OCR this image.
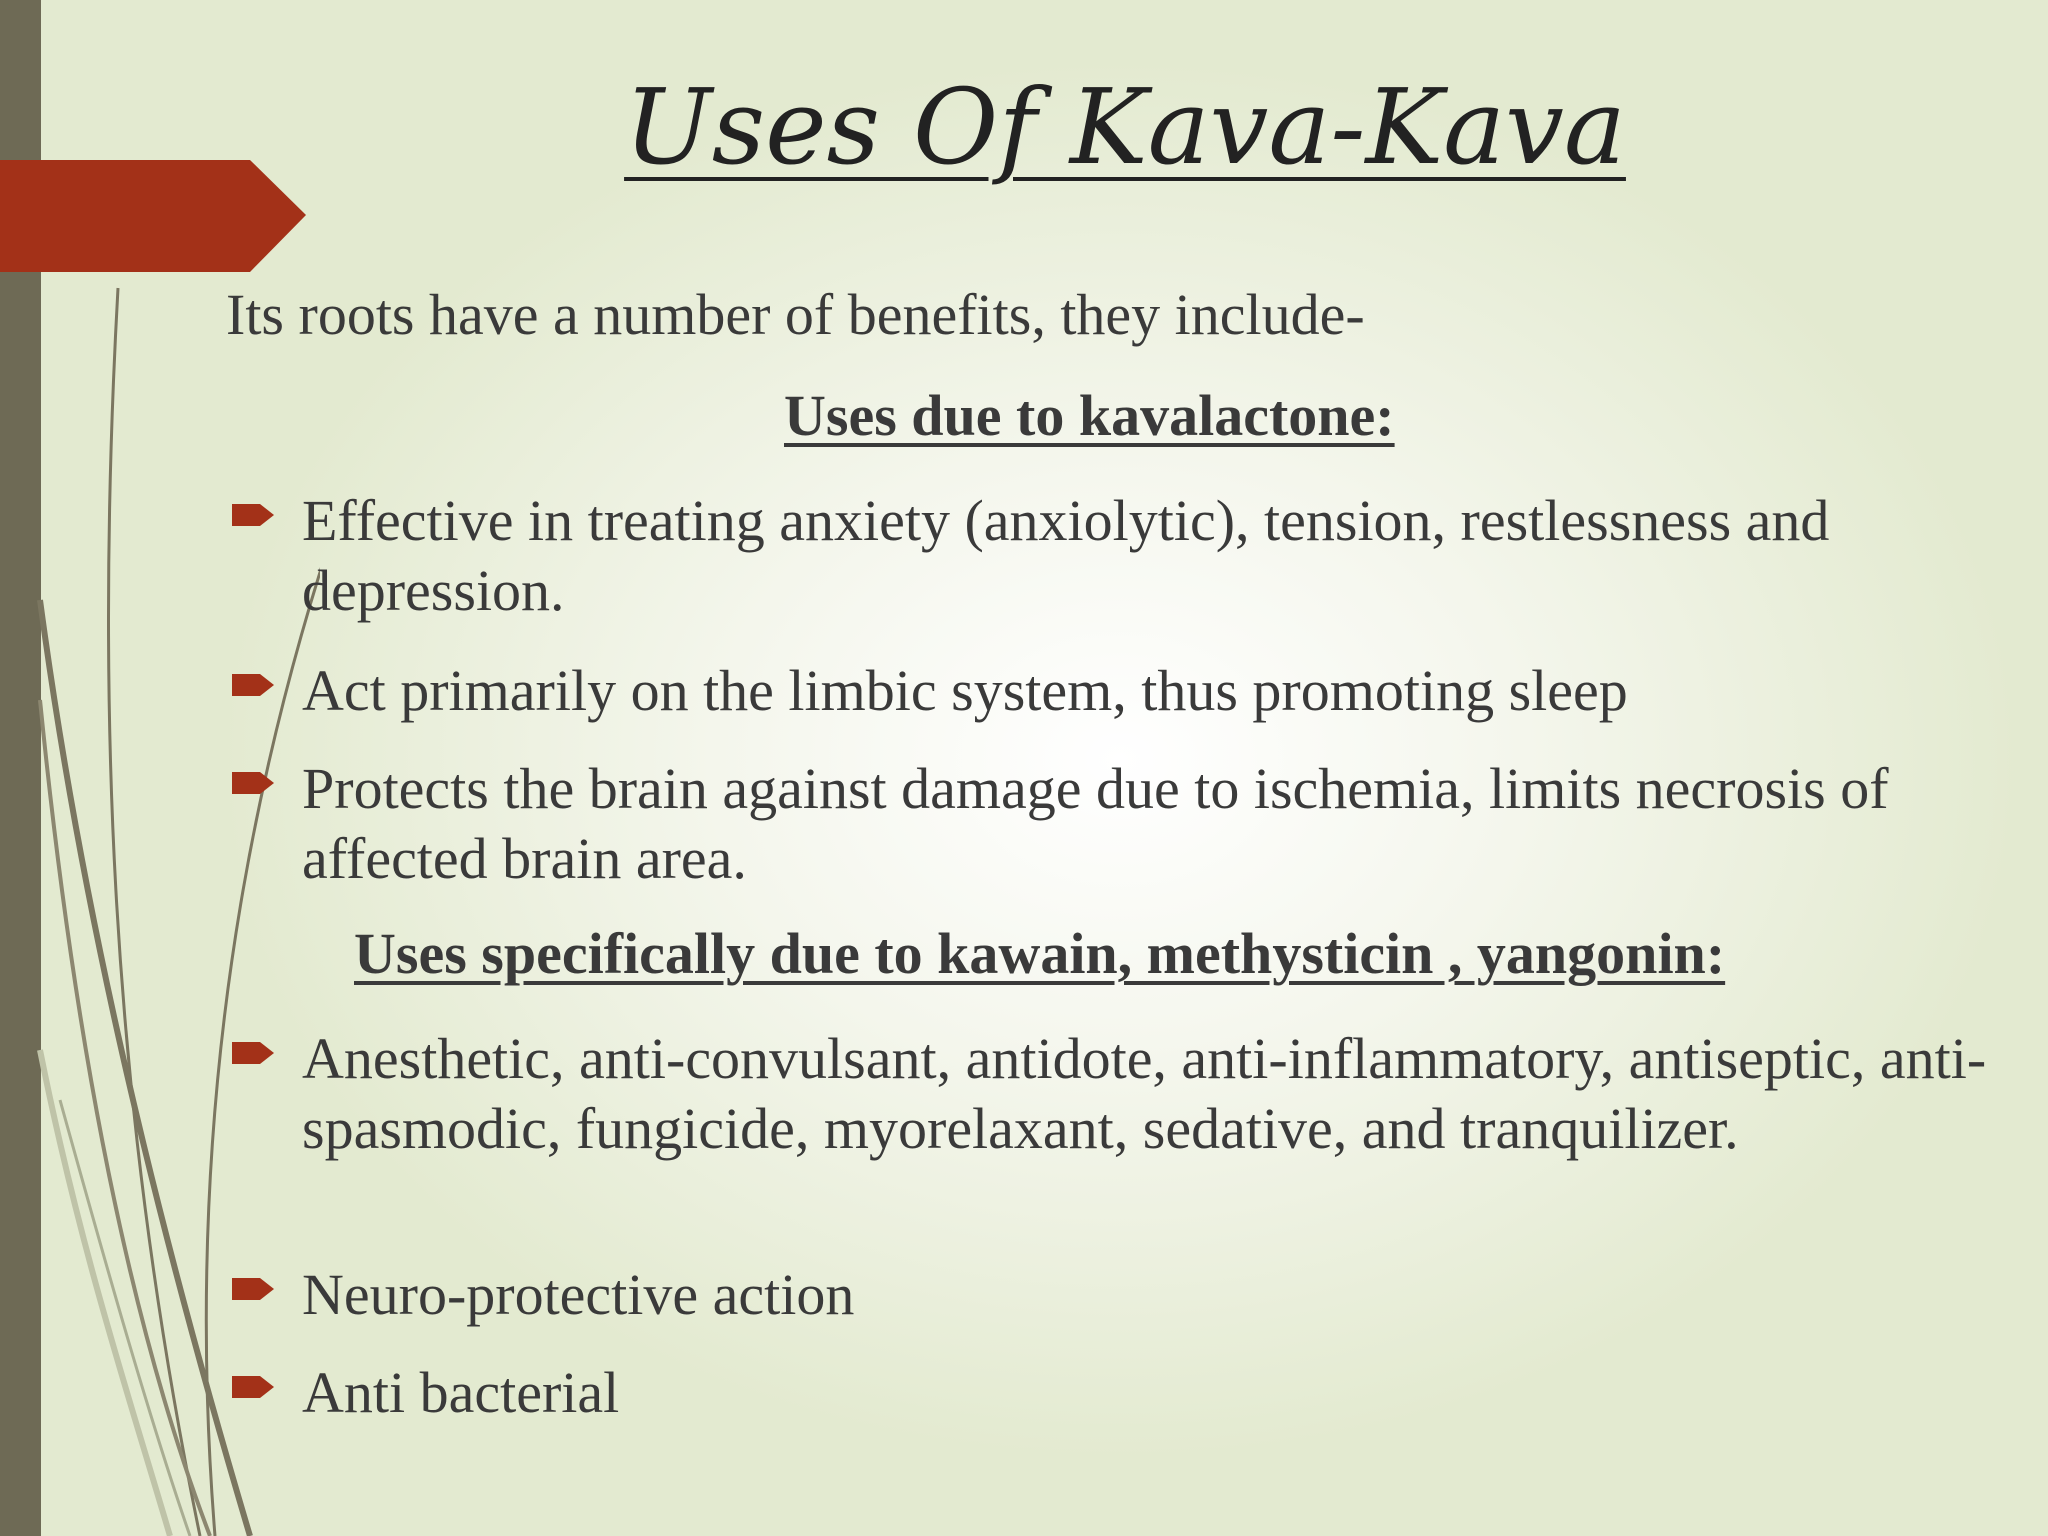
Uses Of Kava-Kava
Its roots have a number of benefits, they include-
Uses due to kavalactone:
Effective in treating anxiety (anxiolytic), tension, restlessness and depression.
Act primarily on the limbic system, thus promoting sleep
Protects the brain against damage due to ischemia, limits necrosis of affected brain area.
Uses specifically due to kawain, methysticin , yangonin:
Anesthetic, anti-convulsant, antidote, anti-inflammatory, antiseptic, anti-spasmodic, fungicide, myorelaxant, sedative, and tranquilizer.
Neuro-protective action
Anti bacterial
